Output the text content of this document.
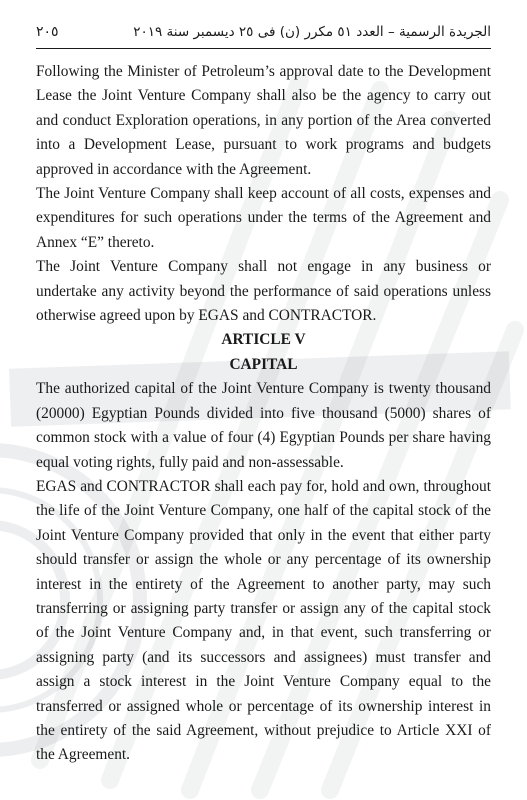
الجريدة الرسمية – العدد ٥١ مكرر (ن) فى ٢٥ ديسمبر سنة ٢٠١٩
٢٠٥

Following the Minister of Petroleum’s approval date to the Development Lease the Joint Venture Company shall also be the agency to carry out and conduct Exploration operations, in any portion of the Area converted into a Development Lease, pursuant to work programs and budgets approved in accordance with the Agreement.

The Joint Venture Company shall keep account of all costs, expenses and expenditures for such operations under the terms of the Agreement and Annex “E” thereto.

The Joint Venture Company shall not engage in any business or undertake any activity beyond the performance of said operations unless otherwise agreed upon by EGAS and CONTRACTOR.

ARTICLE V

CAPITAL

The authorized capital of the Joint Venture Company is twenty thousand (20000) Egyptian Pounds divided into five thousand (5000) shares of common stock with a value of four (4) Egyptian Pounds per share having equal voting rights, fully paid and non-assessable.

EGAS and CONTRACTOR shall each pay for, hold and own, throughout the life of the Joint Venture Company, one half of the capital stock of the Joint Venture Company provided that only in the event that either party should transfer or assign the whole or any percentage of its ownership interest in the entirety of the Agreement to another party, may such transferring or assigning party transfer or assign any of the capital stock of the Joint Venture Company and, in that event, such transferring or assigning party (and its successors and assignees) must transfer and assign a stock interest in the Joint Venture Company equal to the transferred or assigned whole or percentage of its ownership interest in the entirety of the said Agreement, without prejudice to Article XXI of the Agreement.
